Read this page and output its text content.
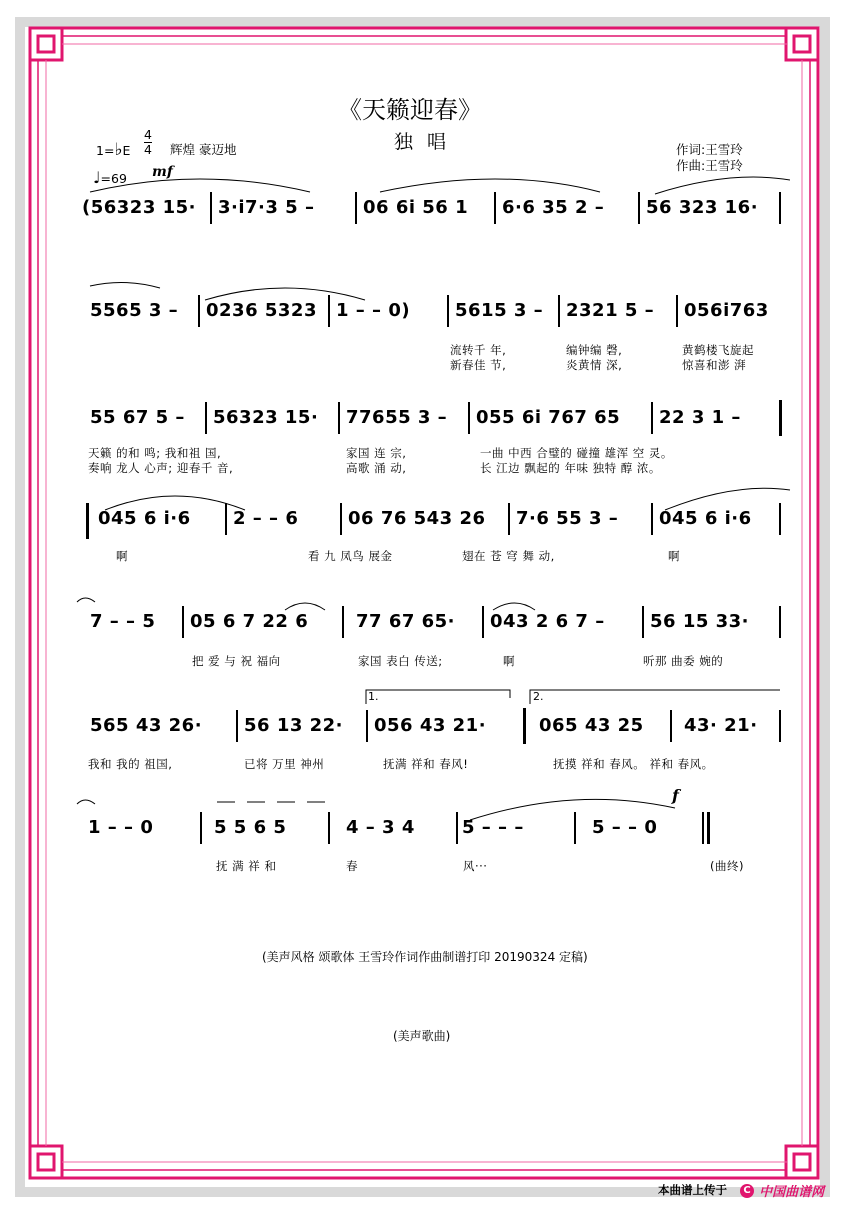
《天籁迎春》
独 唱
1=♭E
4
4 辉煌 豪迈地
♩=69 mf
作词:王雪玲
作曲:王雪玲
(56323 15· 3·i7·3 5 –	06 6i 56 1 6·6 35 2 – 56 323 16·
5565 3 – 0236 5323 1 – – 0) 5615 3 – 2321 5 – 056i763
流转千 年,	编钟编 磬,	黄鹤楼飞旋起
新春佳 节,	炎黄情 深,	惊喜和澎 湃
55 67 5 – 56323 15· 77655 3 – 055 6i 767 65 22 3 1 –
天籁 的和 鸣; 我和祖 国,	家国 连 宗,	一曲 中西 合璧的 碰撞 雄浑 空 灵。
奏响 龙人 心声; 迎春千 音,	高歌 涌 动,	长 江边 飘起的 年味 独特 醇 浓。
045 6 i·6 2 – – 6	06 76 543 26 7·6 55 3 – 045 6 i·6
啊	看 九 凤鸟 展金	翅在 苍 穹 舞 动,	啊
7 – – 5 05 6 7 22 6	77 67 65· 043 2 6 7 –	56 15 33·
把 爱 与 祝 福向	家国 表白 传送;	啊	听那 曲委 婉的
1.	2.
565 43 26· 56 13 22· 056 43 21·	065 43 25 43· 21·
我和 我的 祖国,	已将 万里 神州	抚满 祥和 春风!	抚摸 祥和 春风。 祥和 春风。
f
1 – – 0	5 5 6 5	4 – 3 4	5 – – –	5 – – 0
抚 满 祥 和	春	风···	(曲终)
(美声风格 颂歌体 王雪玲作词作曲制谱打印 20190324 定稿)
(美声歌曲)
本曲谱上传于	C 中国曲谱网
